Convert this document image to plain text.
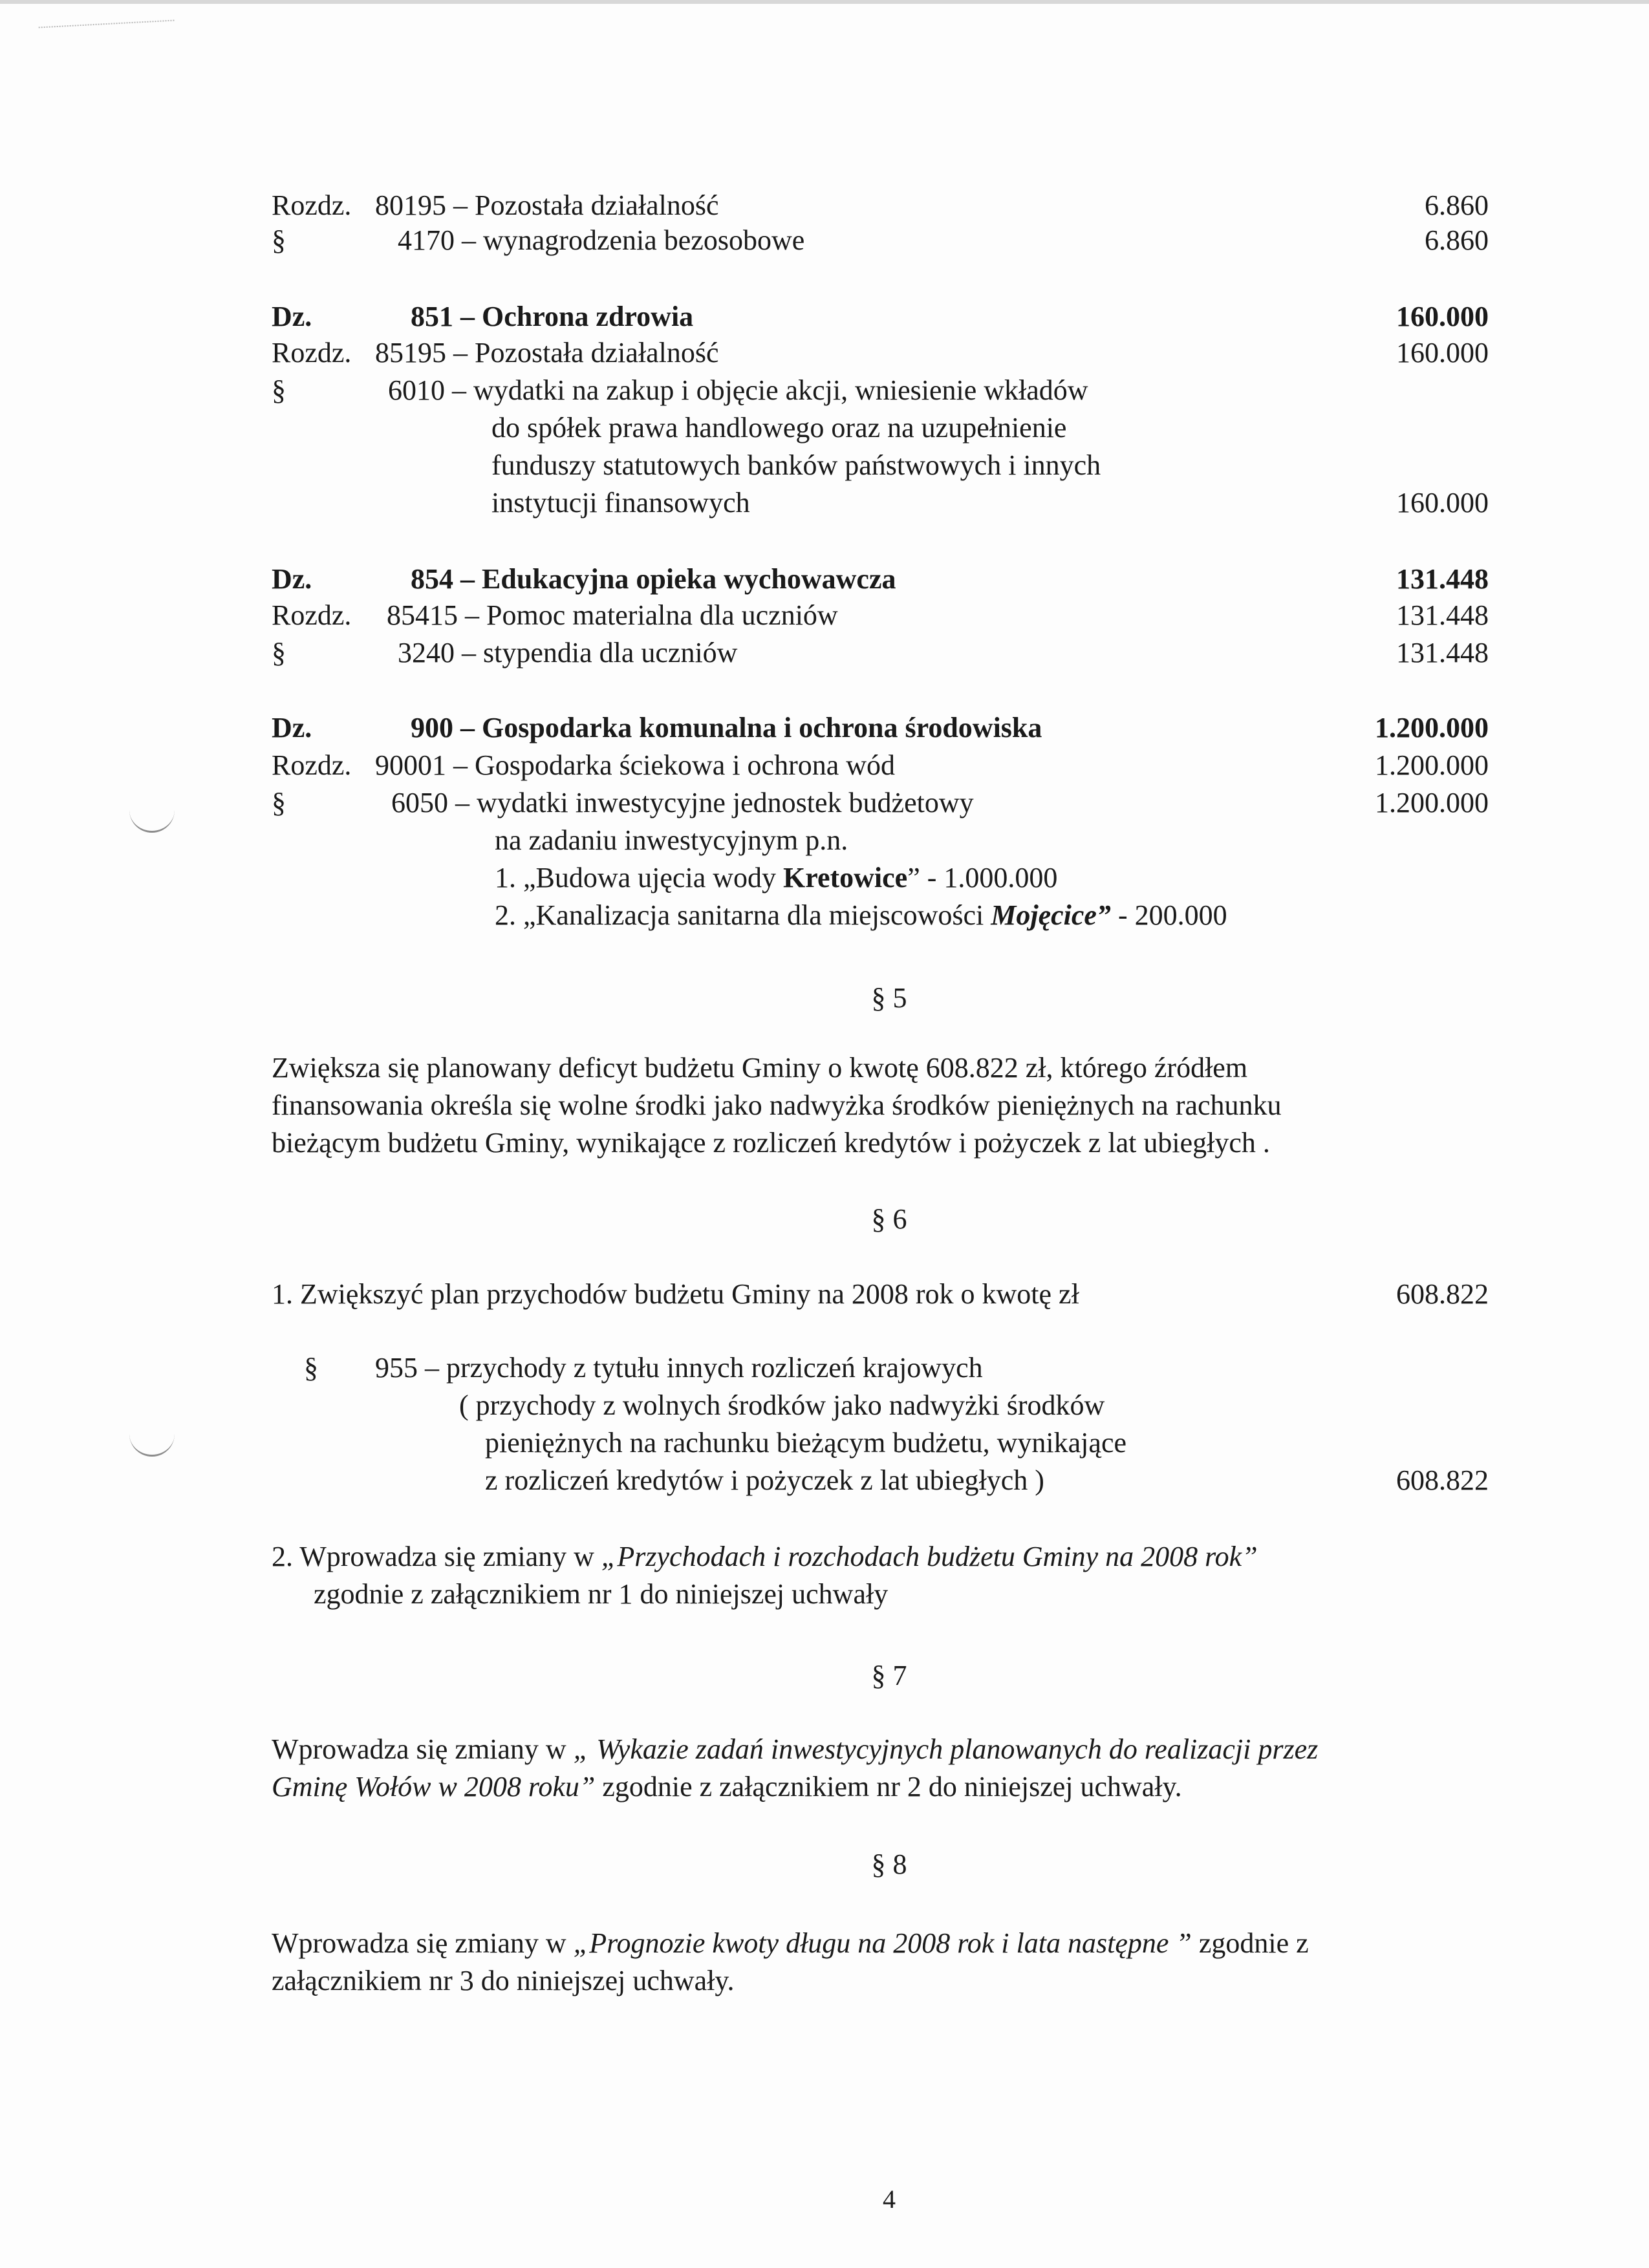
Rozdz. 80195 – Pozostała działalność	6.860
§	4170 – wynagrodzenia bezosobowe	6.860
Dz.	851 – Ochrona zdrowia	160.000
Rozdz. 85195 – Pozostała działalność	160.000
§	6010 – wydatki na zakup i objęcie akcji, wniesienie wkładów
do spółek prawa handlowego oraz na uzupełnienie
funduszy statutowych banków państwowych i innych
instytucji finansowych	160.000
Dz.	854 – Edukacyjna opieka wychowawcza	131.448
Rozdz. 85415 – Pomoc materialna dla uczniów	131.448
§	3240 – stypendia dla uczniów	131.448
Dz.	900 – Gospodarka komunalna i ochrona środowiska	1.200.000
Rozdz. 90001 – Gospodarka ściekowa i ochrona wód	1.200.000
§	6050 – wydatki inwestycyjne jednostek budżetowy	1.200.000
na zadaniu inwestycyjnym p.n.
1. „Budowa ujęcia wody Kretowice” - 1.000.000
2. „Kanalizacja sanitarna dla miejscowości Mojęcice” - 200.000
§ 5
Zwiększa się planowany deficyt budżetu Gminy o kwotę 608.822 zł, którego źródłem
finansowania określa się wolne środki jako nadwyżka środków pieniężnych na rachunku
bieżącym budżetu Gminy, wynikające z rozliczeń kredytów i pożyczek z lat ubiegłych .
§ 6
1. Zwiększyć plan przychodów budżetu Gminy na 2008 rok o kwotę zł	608.822
§ 955 – przychody z tytułu innych rozliczeń krajowych
( przychody z wolnych środków jako nadwyżki środków
pieniężnych na rachunku bieżącym budżetu, wynikające
z rozliczeń kredytów i pożyczek z lat ubiegłych )	608.822
2. Wprowadza się zmiany w „Przychodach i rozchodach budżetu Gminy na 2008 rok”
zgodnie z załącznikiem nr 1 do niniejszej uchwały
§ 7
Wprowadza się zmiany w „ Wykazie zadań inwestycyjnych planowanych do realizacji przez
Gminę Wołów w 2008 roku” zgodnie z załącznikiem nr 2 do niniejszej uchwały.
§ 8
Wprowadza się zmiany w „Prognozie kwoty długu na 2008 rok i lata następne ” zgodnie z
załącznikiem nr 3 do niniejszej uchwały.
4
